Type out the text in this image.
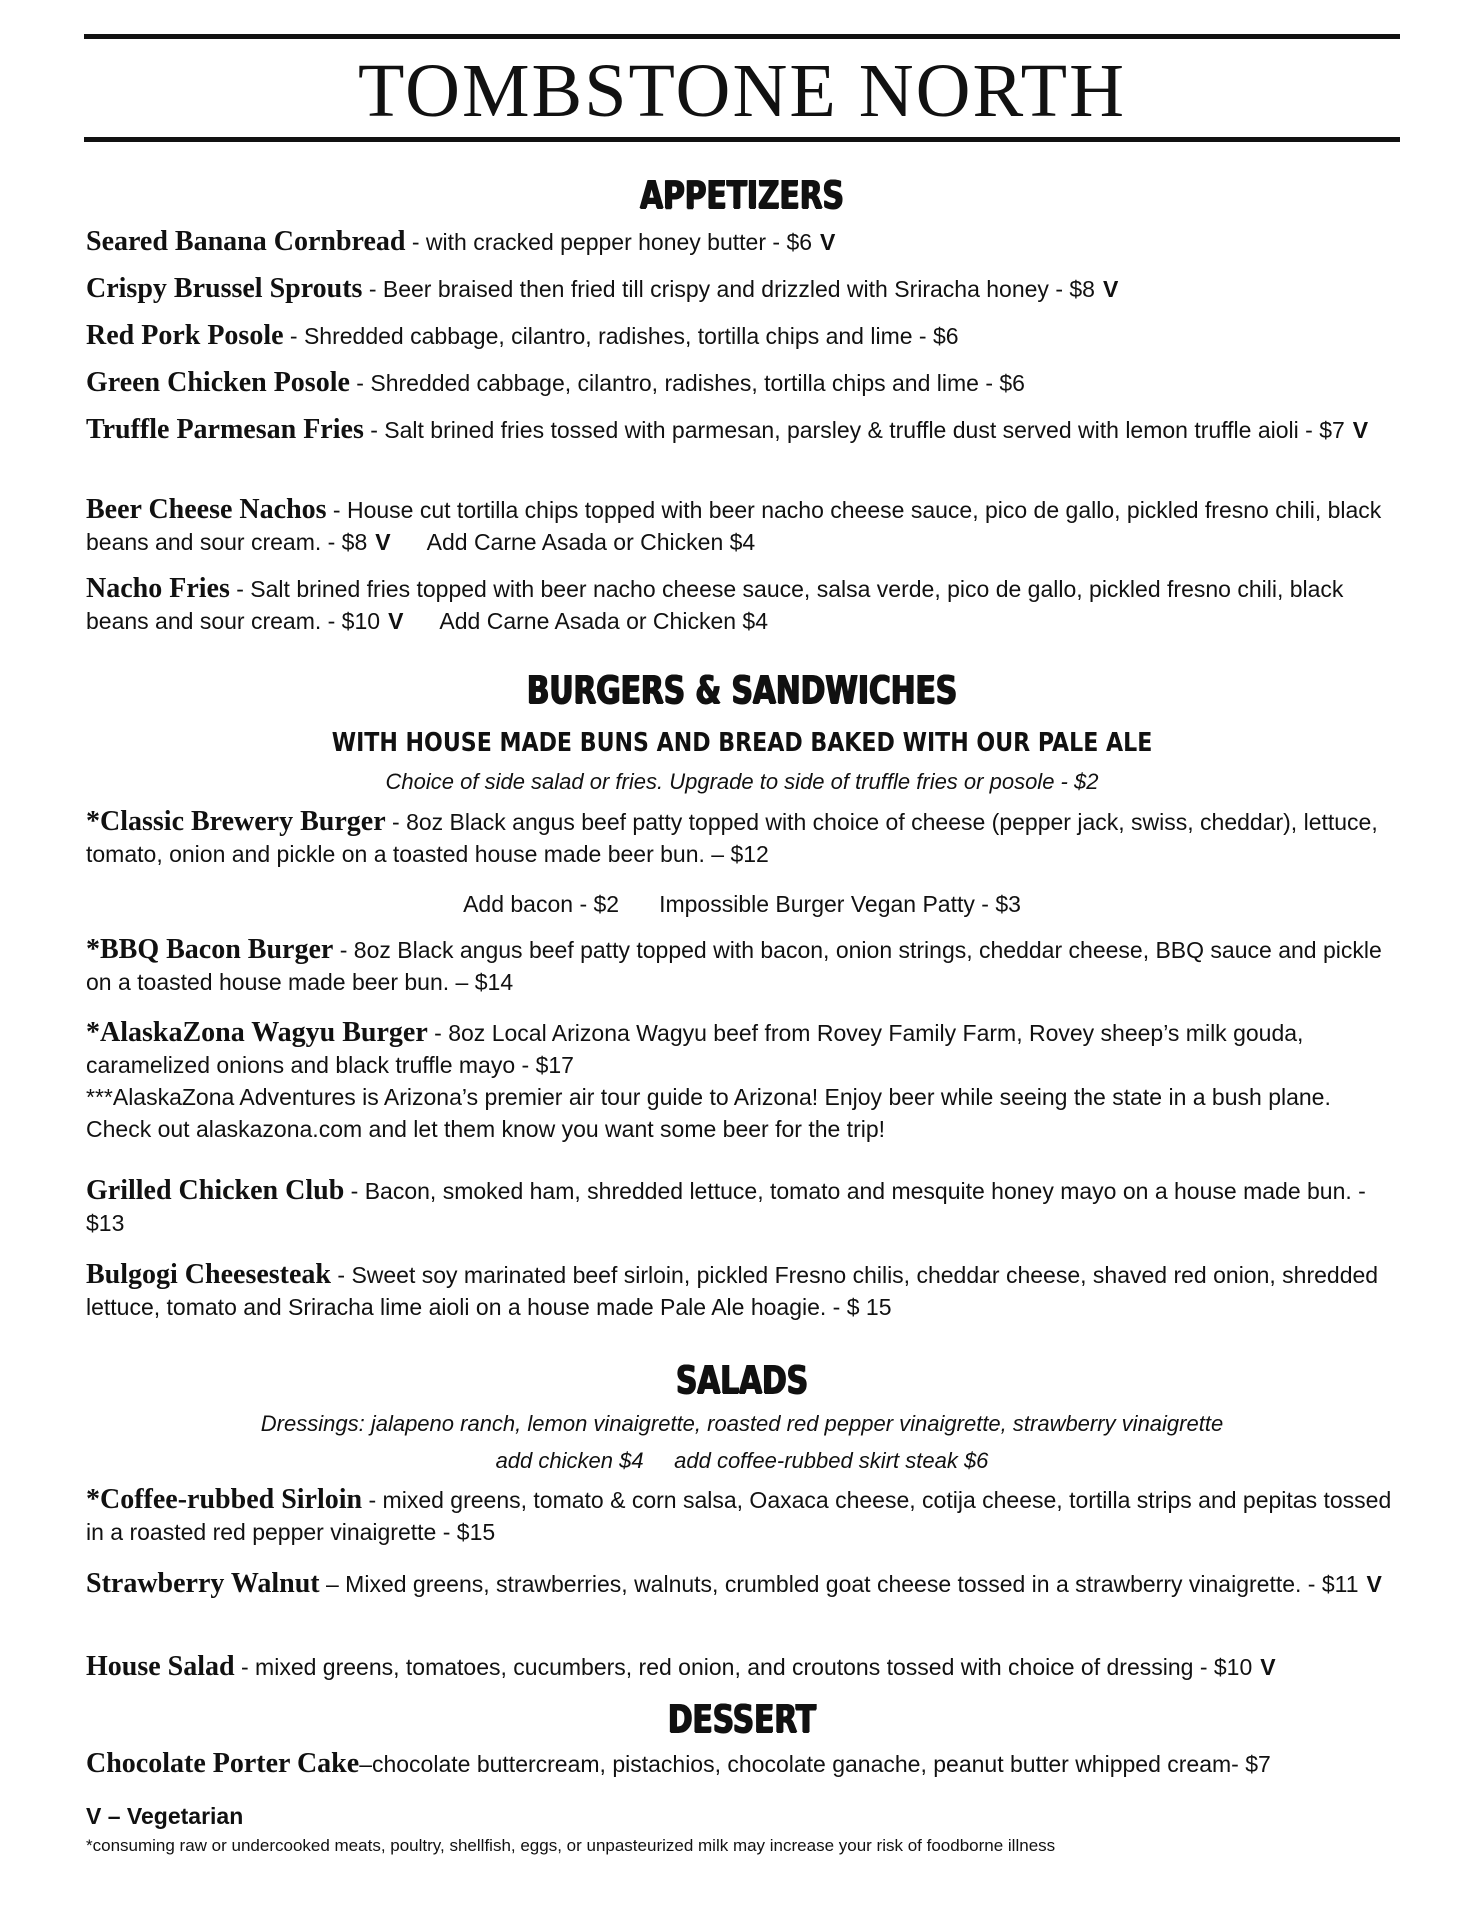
TOMBSTONE NORTH
APPETIZERS
Seared Banana Cornbread - with cracked pepper honey butter - $6 V
Crispy Brussel Sprouts - Beer braised then fried till crispy and drizzled with Sriracha honey - $8 V
Red Pork Posole - Shredded cabbage, cilantro, radishes, tortilla chips and lime - $6
Green Chicken Posole - Shredded cabbage, cilantro, radishes, tortilla chips and lime - $6
Truffle Parmesan Fries - Salt brined fries tossed with parmesan, parsley & truffle dust served with lemon truffle aioli - $7 V
Beer Cheese Nachos - House cut tortilla chips topped with beer nacho cheese sauce, pico de gallo, pickled fresno chili, black beans and sour cream. - $8 V Add Carne Asada or Chicken $4
Nacho Fries - Salt brined fries topped with beer nacho cheese sauce, salsa verde, pico de gallo, pickled fresno chili, black beans and sour cream. - $10 V Add Carne Asada or Chicken $4
BURGERS & SANDWICHES
WITH HOUSE MADE BUNS AND BREAD BAKED WITH OUR PALE ALE
Choice of side salad or fries. Upgrade to side of truffle fries or posole - $2
*Classic Brewery Burger - 8oz Black angus beef patty topped with choice of cheese (pepper jack, swiss, cheddar), lettuce, tomato, onion and pickle on a toasted house made beer bun. – $12
Add bacon - $2 Impossible Burger Vegan Patty - $3
*BBQ Bacon Burger - 8oz Black angus beef patty topped with bacon, onion strings, cheddar cheese, BBQ sauce and pickle on a toasted house made beer bun. – $14
*AlaskaZona Wagyu Burger - 8oz Local Arizona Wagyu beef from Rovey Family Farm, Rovey sheep’s milk gouda, caramelized onions and black truffle mayo - $17
***AlaskaZona Adventures is Arizona’s premier air tour guide to Arizona! Enjoy beer while seeing the state in a bush plane. Check out alaskazona.com and let them know you want some beer for the trip!
Grilled Chicken Club - Bacon, smoked ham, shredded lettuce, tomato and mesquite honey mayo on a house made bun. - $13
Bulgogi Cheesesteak - Sweet soy marinated beef sirloin, pickled Fresno chilis, cheddar cheese, shaved red onion, shredded lettuce, tomato and Sriracha lime aioli on a house made Pale Ale hoagie. - $ 15
SALADS
Dressings: jalapeno ranch, lemon vinaigrette, roasted red pepper vinaigrette, strawberry vinaigrette
add chicken $4     add coffee-rubbed skirt steak $6
*Coffee-rubbed Sirloin - mixed greens, tomato & corn salsa, Oaxaca cheese, cotija cheese, tortilla strips and pepitas tossed in a roasted red pepper vinaigrette - $15
Strawberry Walnut – Mixed greens, strawberries, walnuts, crumbled goat cheese tossed in a strawberry vinaigrette. - $11 V
House Salad - mixed greens, tomatoes, cucumbers, red onion, and croutons tossed with choice of dressing - $10 V
DESSERT
Chocolate Porter Cake–chocolate buttercream, pistachios, chocolate ganache, peanut butter whipped cream- $7
V – Vegetarian
*consuming raw or undercooked meats, poultry, shellfish, eggs, or unpasteurized milk may increase your risk of foodborne illness
